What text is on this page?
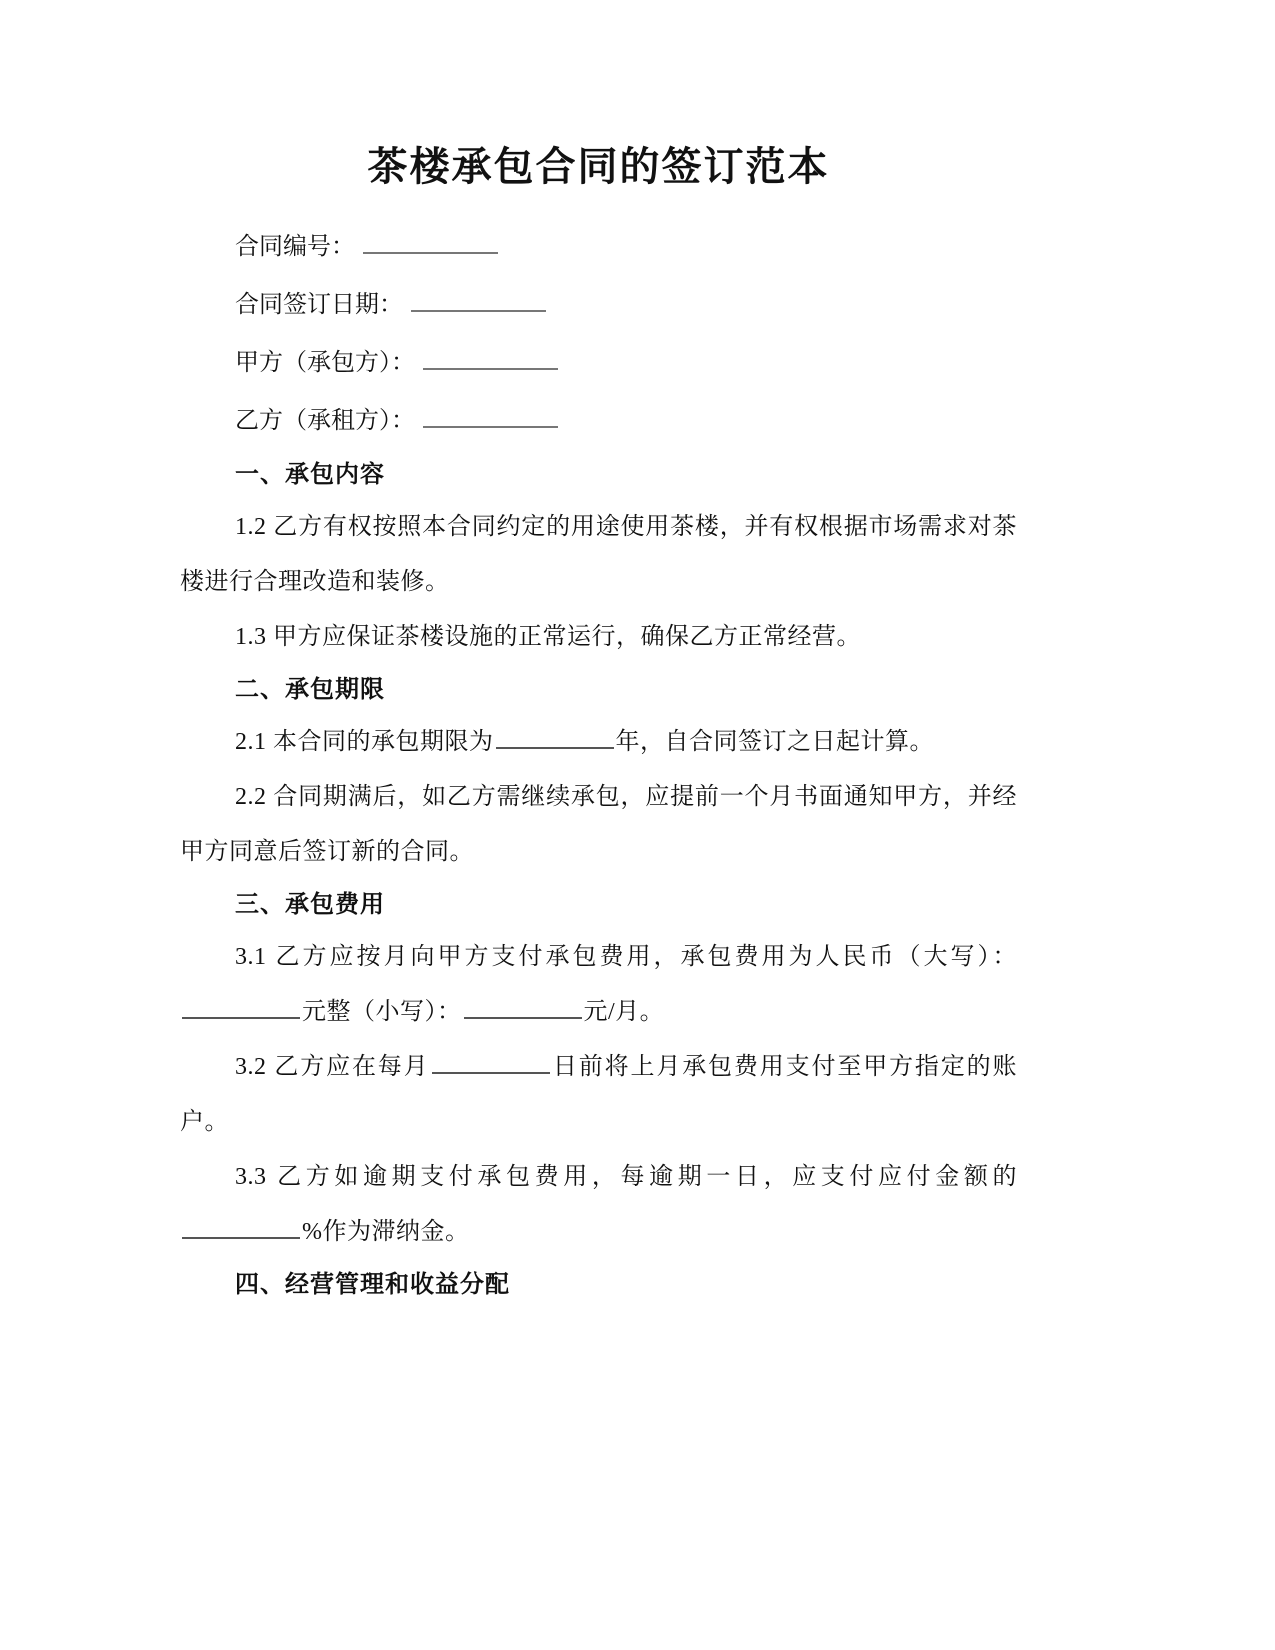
茶楼承包合同的签订范本
合同编号：
合同签订日期：
甲方（承包方）：
乙方（承租方）：
一、承包内容

1.2 乙方有权按照本合同约定的用途使用茶楼，并有权根据市场需求对茶楼进行合理改造和装修。

1.3 甲方应保证茶楼设施的正常运行，确保乙方正常经营。

二、承包期限

2.1 本合同的承包期限为	年，自合同签订之日起计算。

2.2 合同期满后，如乙方需继续承包，应提前一个月书面通知甲方，并经甲方同意后签订新的合同。

三、承包费用

3.1 乙方应按月向甲方支付承包费用，承包费用为人民币（大写）：元整（小写）：	元/月。

3.2 乙方应在每月	日前将上月承包费用支付至甲方指定的账户。

3.3 乙方如逾期支付承包费用，每逾期一日，应支付应付金额的%作为滞纳金。

四、经营管理和收益分配
